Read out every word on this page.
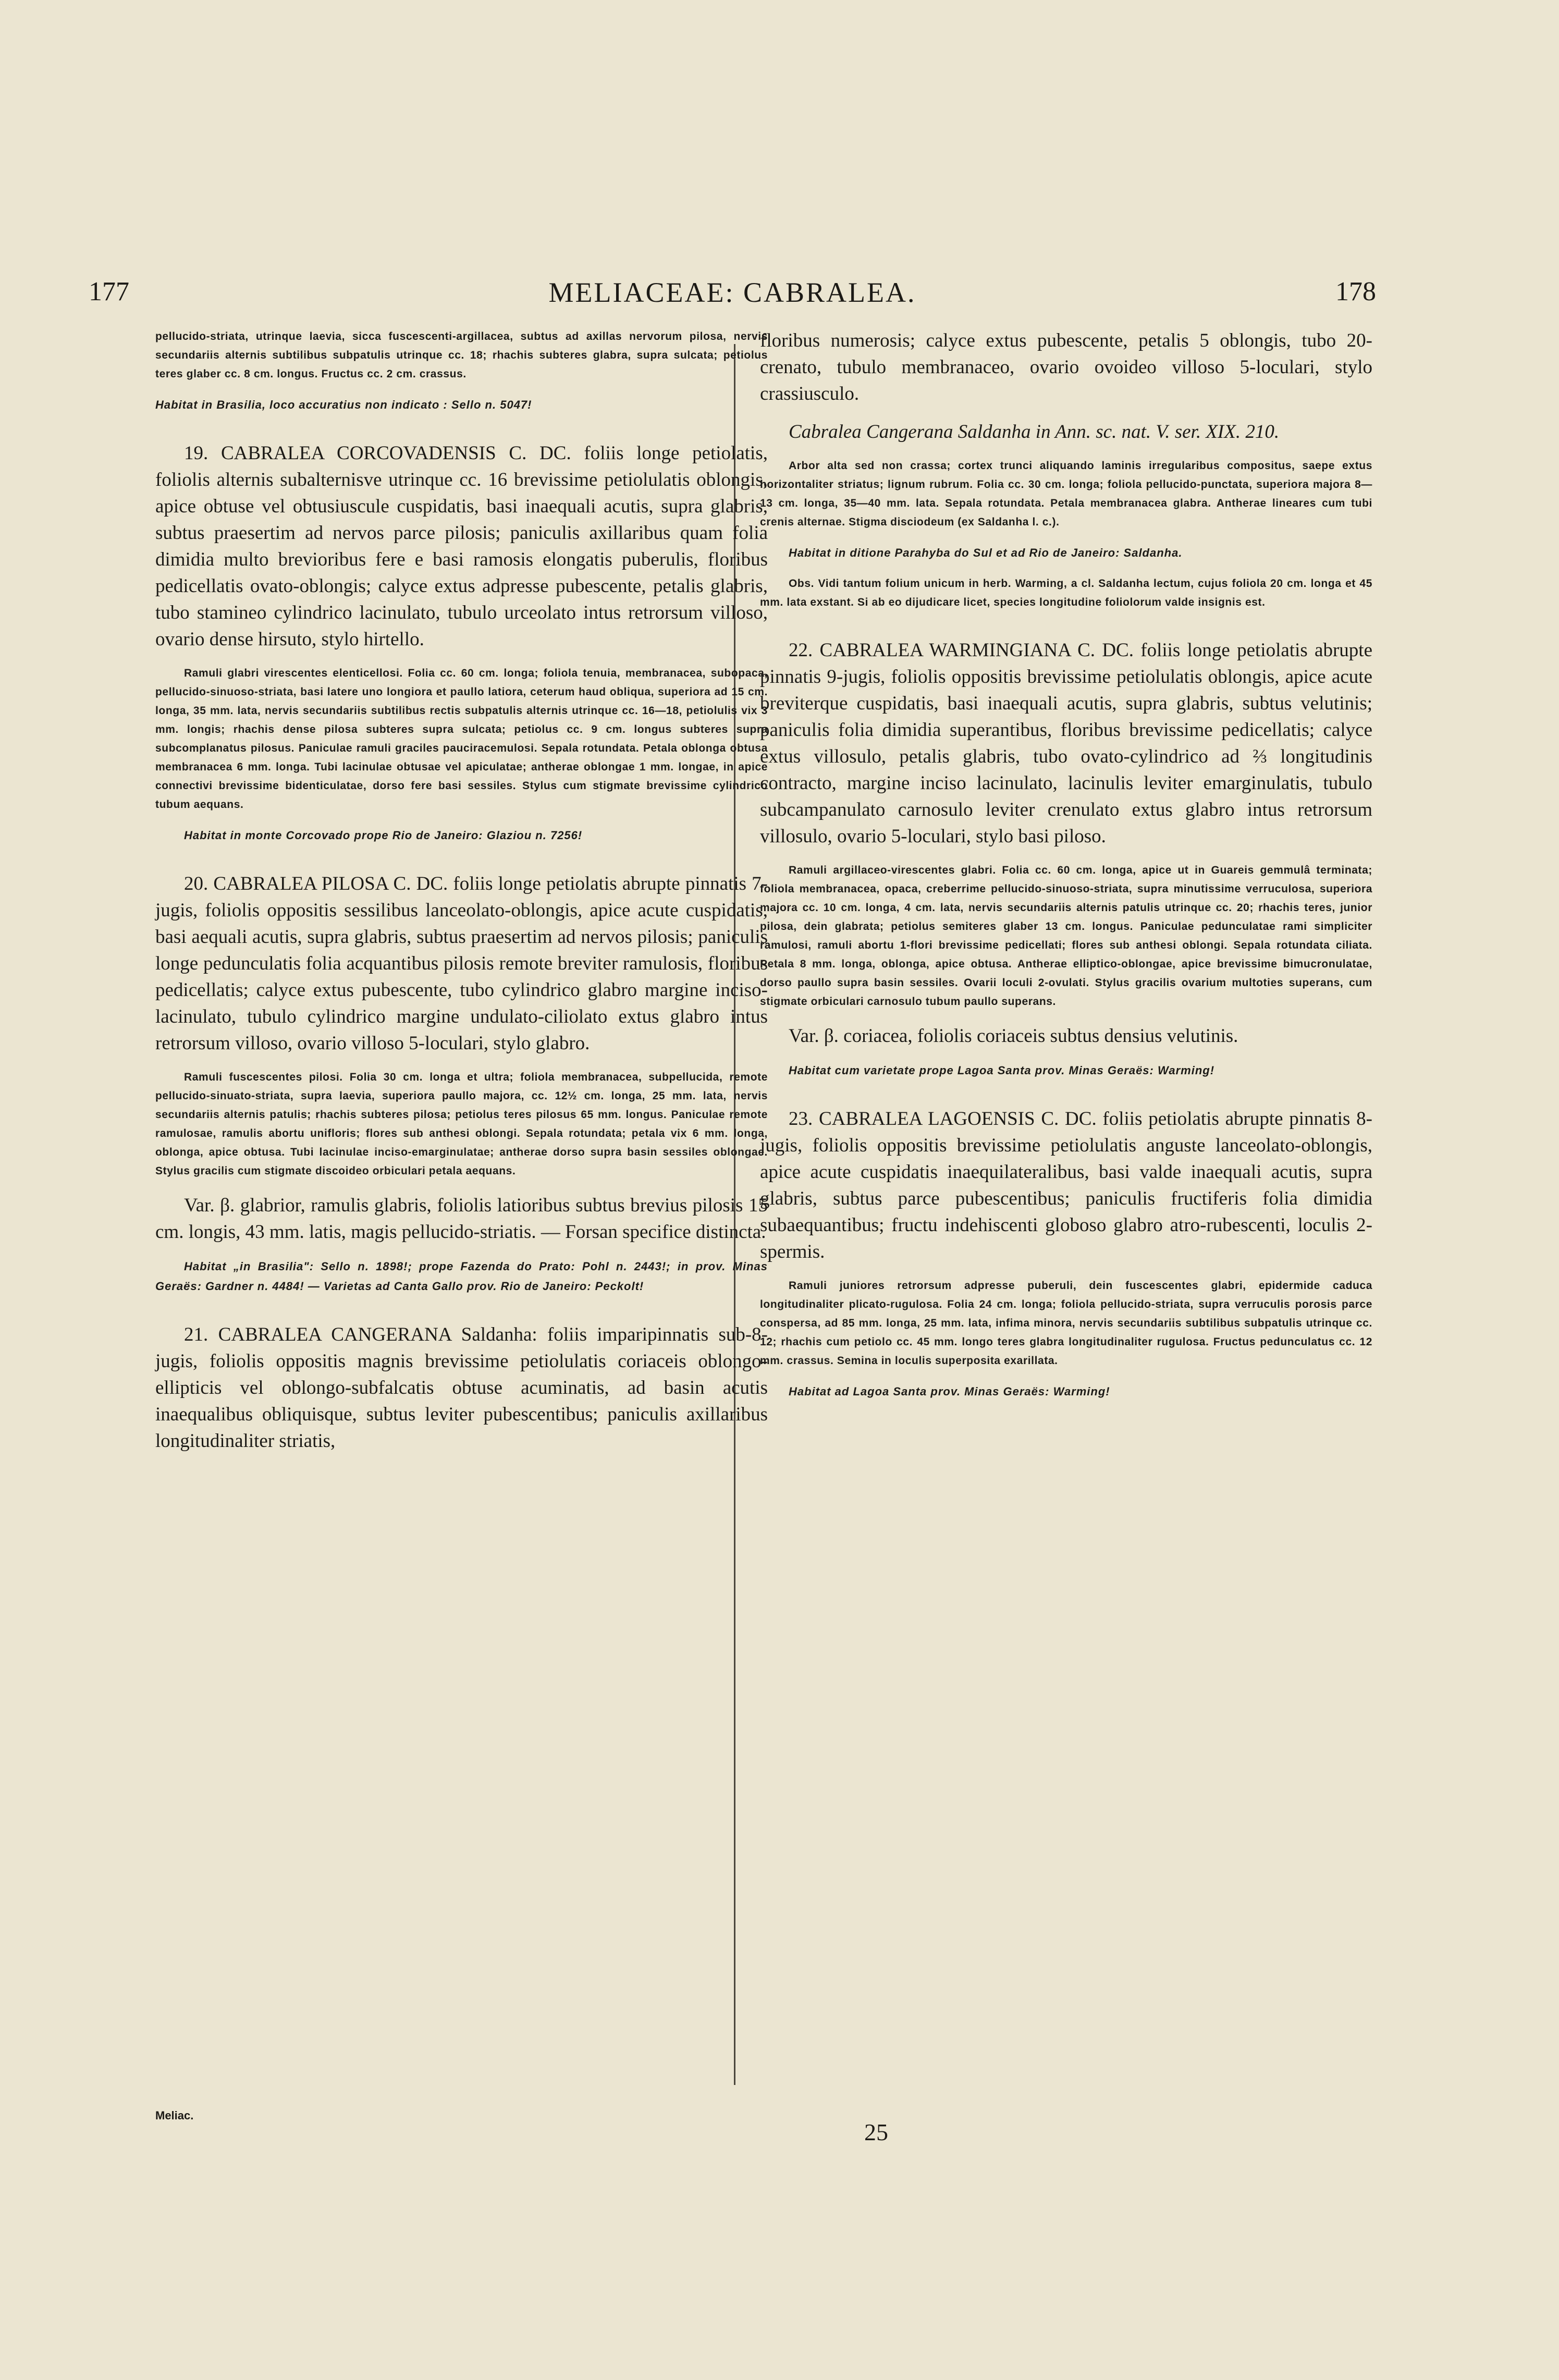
177	MELIACEAE: CABRALEA.	178

pellucido-striata, utrinque laevia, sicca fuscescenti-argillacea, subtus ad axillas nervorum pilosa, nervis secundariis alternis subtilibus subpatulis utrinque cc. 18; rhachis subteres glabra, supra sulcata; petiolus teres glaber cc. 8 cm. longus. Fructus cc. 2 cm. crassus.

Habitat in Brasilia, loco accuratius non indicato : Sello n. 5047!

19. CABRALEA CORCOVADENSIS C. DC. foliis longe petiolatis, foliolis alternis subalternisve utrinque cc. 16 brevissime petiolulatis oblongis, apice obtuse vel obtusiuscule cuspidatis, basi inaequali acutis, supra glabris, subtus praesertim ad nervos parce pilosis; paniculis axillaribus quam folia dimidia multo brevioribus fere e basi ramosis elongatis puberulis, floribus pedicellatis ovato-oblongis; calyce extus adpresse pubescente, petalis glabris, tubo stamineo cylindrico lacinulato, tubulo urceolato intus retrorsum villoso, ovario dense hirsuto, stylo hirtello.

Ramuli glabri virescentes elenticellosi. Folia cc. 60 cm. longa; foliola tenuia, membranacea, subopaca, pellucido-sinuoso-striata, basi latere uno longiora et paullo latiora, ceterum haud obliqua, superiora ad 15 cm. longa, 35 mm. lata, nervis secundariis subtilibus rectis subpatulis alternis utrinque cc. 16—18, petiolulis vix 3 mm. longis; rhachis dense pilosa subteres supra sulcata; petiolus cc. 9 cm. longus subteres supra subcomplanatus pilosus. Paniculae ramuli graciles pauciracemulosi. Sepala rotundata. Petala oblonga obtusa membranacea 6 mm. longa. Tubi lacinulae obtusae vel apiculatae; antherae oblongae 1 mm. longae, in apice connectivi brevissime bidenticulatae, dorso fere basi sessiles. Stylus cum stigmate brevissime cylindrico tubum aequans.

Habitat in monte Corcovado prope Rio de Janeiro: Glaziou n. 7256!

20. CABRALEA PILOSA C. DC. foliis longe petiolatis abrupte pinnatis 7-jugis, foliolis oppositis sessilibus lanceolato-oblongis, apice acute cuspidatis, basi aequali acutis, supra glabris, subtus praesertim ad nervos pilosis; paniculis longe pedunculatis folia acquantibus pilosis remote breviter ramulosis, floribus pedicellatis; calyce extus pubescente, tubo cylindrico glabro margine inciso-lacinulato, tubulo cylindrico margine undulato-ciliolato extus glabro intus retrorsum villoso, ovario villoso 5-loculari, stylo glabro.

Ramuli fuscescentes pilosi. Folia 30 cm. longa et ultra; foliola membranacea, subpellucida, remote pellucido-sinuato-striata, supra laevia, superiora paullo majora, cc. 12½ cm. longa, 25 mm. lata, nervis secundariis alternis patulis; rhachis subteres pilosa; petiolus teres pilosus 65 mm. longus. Paniculae remote ramulosae, ramulis abortu unifloris; flores sub anthesi oblongi. Sepala rotundata; petala vix 6 mm. longa, oblonga, apice obtusa. Tubi lacinulae inciso-emarginulatae; antherae dorso supra basin sessiles oblongae. Stylus gracilis cum stigmate discoideo orbiculari petala aequans.

Var. β. glabrior, ramulis glabris, foliolis latioribus subtus brevius pilosis 15 cm. longis, 43 mm. latis, magis pellucido-striatis. — Forsan specifice distincta.

Habitat „in Brasilia": Sello n. 1898!; prope Fazenda do Prato: Pohl n. 2443!; in prov. Minas Geraës: Gardner n. 4484! — Varietas ad Canta Gallo prov. Rio de Janeiro: Peckolt!

21. CABRALEA CANGERANA Saldanha: foliis imparipinnatis sub-8-jugis, foliolis oppositis magnis brevissime petiolulatis coriaceis oblongo-ellipticis vel oblongo-subfalcatis obtuse acuminatis, ad basin acutis inaequalibus obliquisque, subtus leviter pubescentibus; paniculis axillaribus longitudinaliter striatis,

floribus numerosis; calyce extus pubescente, petalis 5 oblongis, tubo 20-crenato, tubulo membranaceo, ovario ovoideo villoso 5-loculari, stylo crassiusculo.

Cabralea Cangerana Saldanha in Ann. sc. nat. V. ser. XIX. 210.

Arbor alta sed non crassa; cortex trunci aliquando laminis irregularibus compositus, saepe extus horizontaliter striatus; lignum rubrum. Folia cc. 30 cm. longa; foliola pellucido-punctata, superiora majora 8—13 cm. longa, 35—40 mm. lata. Sepala rotundata. Petala membranacea glabra. Antherae lineares cum tubi crenis alternae. Stigma disciodeum (ex Saldanha l. c.).

Habitat in ditione Parahyba do Sul et ad Rio de Janeiro: Saldanha.

Obs. Vidi tantum folium unicum in herb. Warming, a cl. Saldanha lectum, cujus foliola 20 cm. longa et 45 mm. lata exstant. Si ab eo dijudicare licet, species longitudine foliolorum valde insignis est.

22. CABRALEA WARMINGIANA C. DC. foliis longe petiolatis abrupte pinnatis 9-jugis, foliolis oppositis brevissime petiolulatis oblongis, apice acute breviterque cuspidatis, basi inaequali acutis, supra glabris, subtus velutinis; paniculis folia dimidia superantibus, floribus brevissime pedicellatis; calyce extus villosulo, petalis glabris, tubo ovato-cylindrico ad ⅔ longitudinis contracto, margine inciso lacinulato, lacinulis leviter emarginulatis, tubulo subcampanulato carnosulo leviter crenulato extus glabro intus retrorsum villosulo, ovario 5-loculari, stylo basi piloso.

Ramuli argillaceo-virescentes glabri. Folia cc. 60 cm. longa, apice ut in Guareis gemmulâ terminata; foliola membranacea, opaca, creberrime pellucido-sinuoso-striata, supra minutissime verruculosa, superiora majora cc. 10 cm. longa, 4 cm. lata, nervis secundariis alternis patulis utrinque cc. 20; rhachis teres, junior pilosa, dein glabrata; petiolus semiteres glaber 13 cm. longus. Paniculae pedunculatae rami simpliciter ramulosi, ramuli abortu 1-flori brevissime pedicellati; flores sub anthesi oblongi. Sepala rotundata ciliata. Petala 8 mm. longa, oblonga, apice obtusa. Antherae elliptico-oblongae, apice brevissime bimucronulatae, dorso paullo supra basin sessiles. Ovarii loculi 2-ovulati. Stylus gracilis ovarium multoties superans, cum stigmate orbiculari carnosulo tubum paullo superans.

Var. β. coriacea, foliolis coriaceis subtus densius velutinis.

Habitat cum varietate prope Lagoa Santa prov. Minas Geraës: Warming!

23. CABRALEA LAGOENSIS C. DC. foliis petiolatis abrupte pinnatis 8-jugis, foliolis oppositis brevissime petiolulatis anguste lanceolato-oblongis, apice acute cuspidatis inaequilateralibus, basi valde inaequali acutis, supra glabris, subtus parce pubescentibus; paniculis fructiferis folia dimidia subaequantibus; fructu indehiscenti globoso glabro atro-rubescenti, loculis 2-spermis.

Ramuli juniores retrorsum adpresse puberuli, dein fuscescentes glabri, epidermide caduca longitudinaliter plicato-rugulosa. Folia 24 cm. longa; foliola pellucido-striata, supra verruculis porosis parce conspersa, ad 85 mm. longa, 25 mm. lata, infima minora, nervis secundariis subtilibus subpatulis utrinque cc. 12; rhachis cum petiolo cc. 45 mm. longo teres glabra longitudinaliter rugulosa. Fructus pedunculatus cc. 12 mm. crassus. Semina in loculis superposita exarillata.

Habitat ad Lagoa Santa prov. Minas Geraës: Warming!

Meliac.
25
